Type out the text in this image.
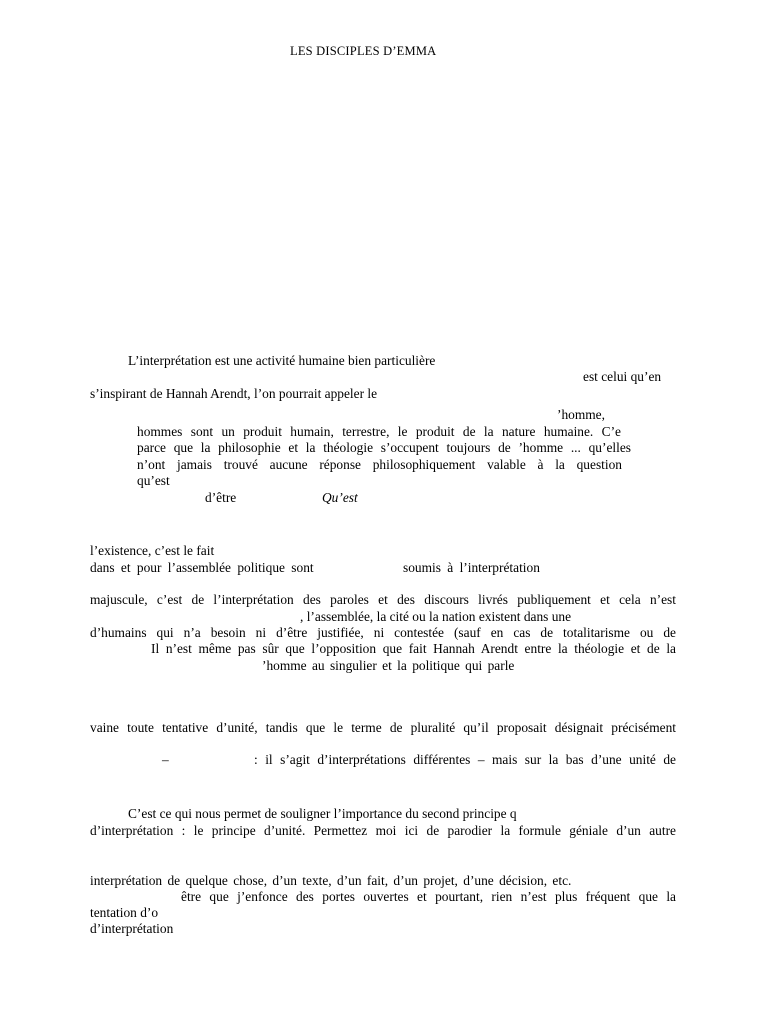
LES DISCIPLES D’EMMA
L’interprétation est une activité humaine bien particulière
est celui qu’en
s’inspirant de Hannah Arendt, l’on pourrait appeler le
’homme,
hommes sont un produit humain, terrestre, le produit de la nature humaine. C’e
parce que la philosophie et la théologie s’occupent toujours de ’homme ... qu’elles
n’ont jamais trouvé aucune réponse philosophiquement valable à la question
qu’est
d’être	Qu’est
l’existence, c’est le fait
dans et pour l’assemblée politique sont	soumis à l’interprétation
majuscule, c’est de l’interprétation des paroles et des discours livrés publiquement et cela n’est
, l’assemblée, la cité ou la nation existent dans une
d’humains qui n’a besoin ni d’être justifiée, ni contestée (sauf en cas de totalitarisme ou de
Il n’est même pas sûr que l’opposition que fait Hannah Arendt entre la théologie et de la
’homme au singulier et la politique qui parle
vaine toute tentative d’unité, tandis que le terme de pluralité qu’il proposait désignait précisément
–	: il s’agit d’interprétations différentes – mais sur la bas d’une unité de
C’est ce qui nous permet de souligner l’importance du second principe q
d’interprétation : le principe d’unité. Permettez moi ici de parodier la formule géniale d’un autre
interprétation de quelque chose, d’un texte, d’un fait, d’un projet, d’une décision, etc.
être que j’enfonce des portes ouvertes et pourtant, rien n’est plus fréquent que la
tentation d’o
d’interprétation
